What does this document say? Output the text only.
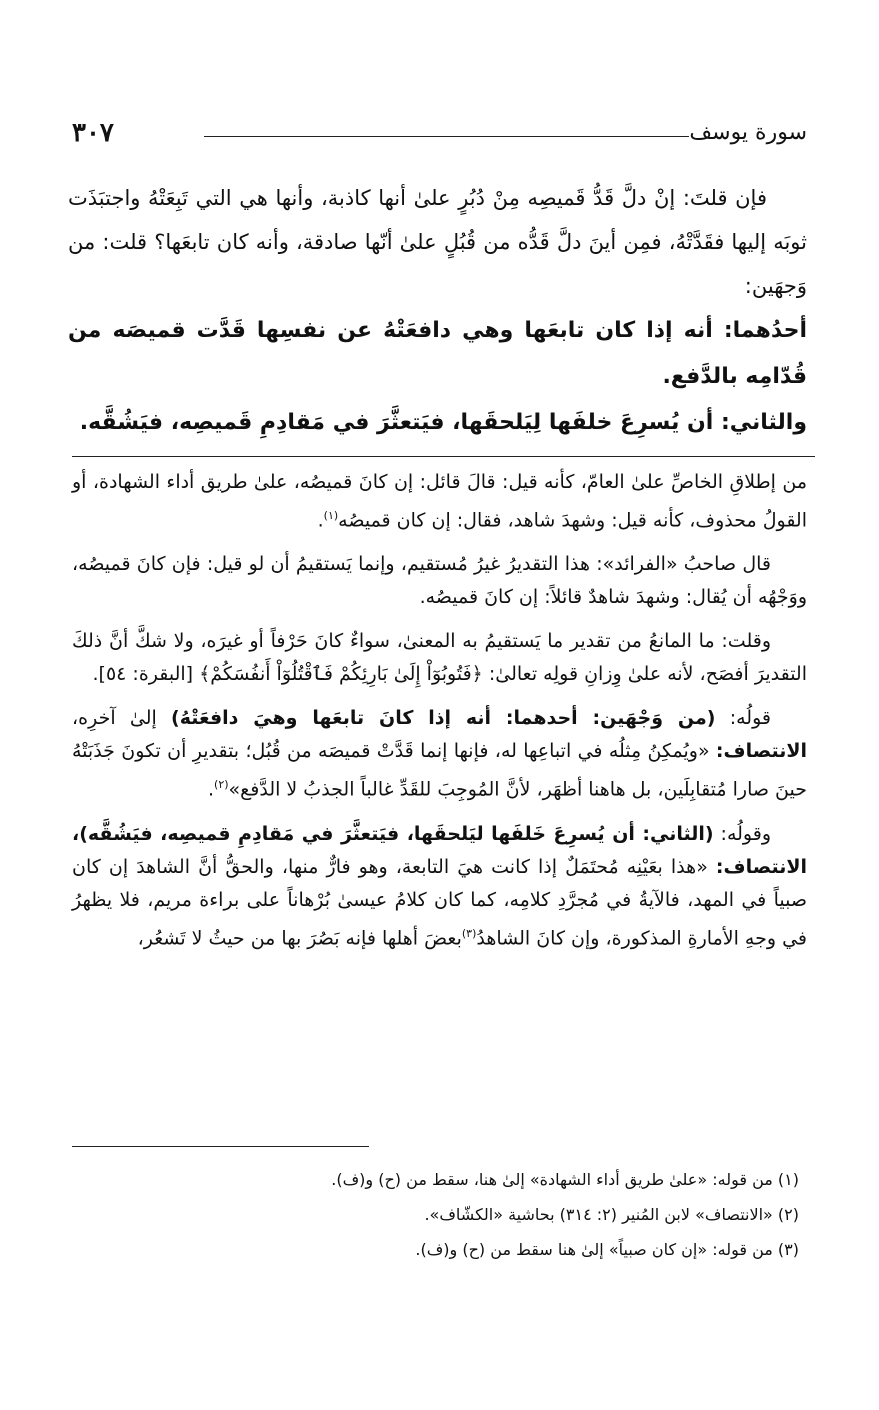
سورة يوسف
٣٠٧

فإن قلتَ: إنْ دلَّ قَدُّ قَميصِه مِنْ دُبُرٍ علىٰ أنها كاذبة، وأنها هي التي تَبِعَتْهُ واجتبَذَت ثوبَه إليها فقَدَّتْهُ، فمِن أينَ دلَّ قَدُّه من قُبُلٍ علىٰ أنّها صادقة، وأنه كان تابعَها؟ قلت: من وَجهَين:

أحدُهما: أنه إذا كان تابعَها وهي دافعَتْهُ عن نفسِها قَدَّت قميصَه من قُدّامِه بالدَّفع.

والثاني: أن يُسرِعَ خلفَها لِيَلحقَها، فيَتعثَّرَ في مَقادِمِ قَميصِه، فيَشُقَّه.

من إطلاقِ الخاصِّ علىٰ العامّ، كأنه قيل: قالَ قائل: إن كانَ قميصُه، علىٰ طريق أداء الشهادة، أو القولُ محذوف، كأنه قيل: وشهدَ شاهد، فقال: إن كان قميصُه$^{(١)}$.

قال صاحبُ «الفرائد»: هذا التقديرُ غيرُ مُستقيم، وإنما يَستقيمُ أن لو قيل: فإن كانَ قميصُه، ووَجْهُه أن يُقال: وشهدَ شاهدٌ قائلاً: إن كانَ قميصُه.

وقلت: ما المانعُ من تقدير ما يَستقيمُ به المعنىٰ، سواءٌ كانَ حَرْفاً أو غيرَه، ولا شكَّ أنَّ ذلكَ التقديرَ أفصَح، لأنه علىٰ وِزانِ قولِه تعالىٰ: ﴿فَتُوبُوٓاْ إِلَىٰ بَارِئِكُمْ فَٱقْتُلُوٓاْ أَنفُسَكُمْ﴾ [البقرة: ٥٤].

قولُه: (من وَجْهَين: أحدهما: أنه إذا كانَ تابعَها وهيَ دافعَتْهُ) إلىٰ آخرِه، الانتصاف: «ويُمكِنُ مِثلُه في اتباعِها له، فإنها إنما قَدَّتْ قميصَه من قُبُل؛ بتقديرِ أن تكونَ جَذَبَتْهُ حينَ صارا مُتقابِلَين، بل هاهنا أظهَر، لأنَّ المُوجِبَ للقَدِّ غالباً الجذبُ لا الدَّفع»$^{(٢)}$.

وقولُه: (الثاني: أن يُسرِعَ خَلفَها ليَلحقَها، فيَتعثَّرَ في مَقادِمِ قميصِه، فيَشُقَّه)، الانتصاف: «هذا بعَيْنِه مُحتَمَلٌ إذا كانت هيَ التابعة، وهو فارٌّ منها، والحقُّ أنَّ الشاهدَ إن كان صبياً في المهد، فالآيةُ في مُجرَّدِ كلامِه، كما كان كلامُ عيسىٰ بُرْهاناً على براءة مريم، فلا يظهرُ في وجهِ الأمارةِ المذكورة، وإن كانَ الشاهدُ$^{(٣)}$بعضَ أهلها فإنه بَصُرَ بها من حيثُ لا تَشعُر،

(١) من قوله: «علىٰ طريق أداء الشهادة» إلىٰ هنا، سقط من (ح) و(ف).

(٢) «الانتصاف» لابن المُنير (٢: ٣١٤) بحاشية «الكشّاف».

(٣) من قوله: «إن كان صبياً» إلىٰ هنا سقط من (ح) و(ف).
